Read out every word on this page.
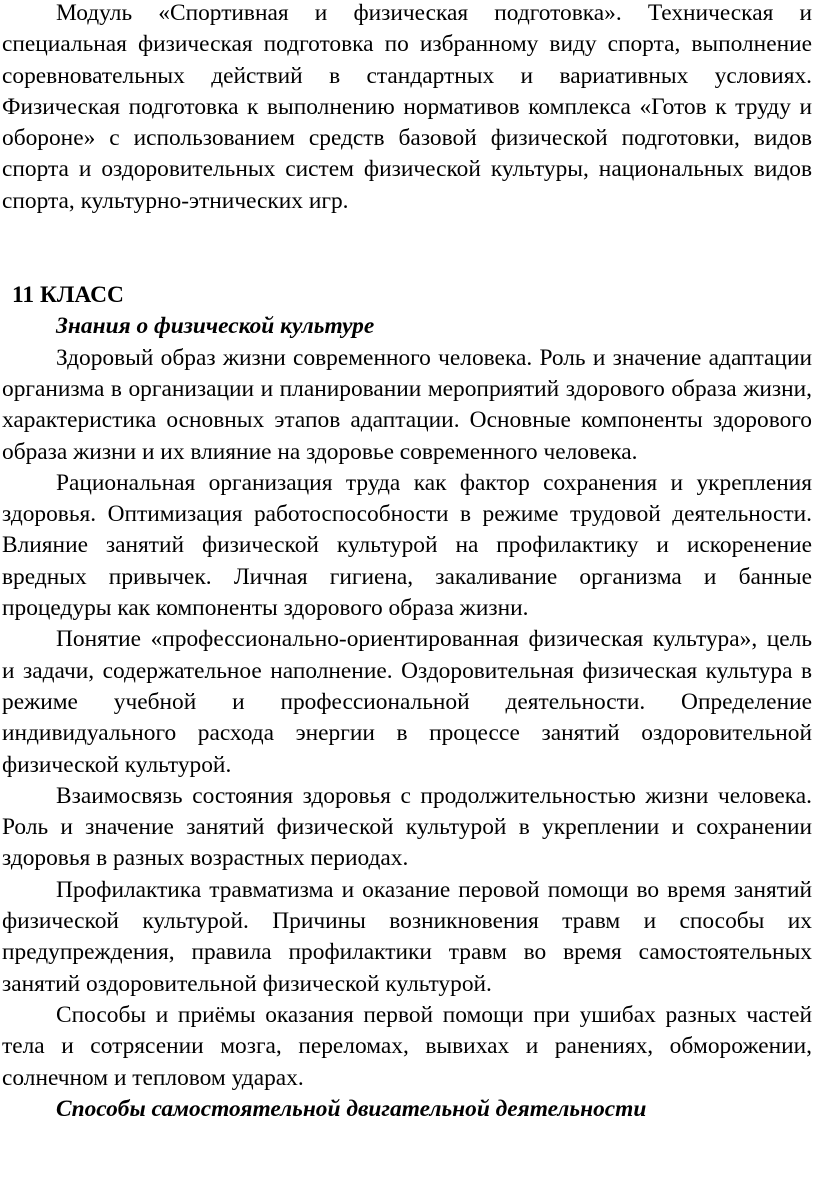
Модуль «Спортивная и физическая подготовка». Техническая и специальная физическая подготовка по избранному виду спорта, выполнение соревновательных действий в стандартных и вариативных условиях. Физическая подготовка к выполнению нормативов комплекса «Готов к труду и обороне» с использованием средств базовой физической подготовки, видов спорта и оздоровительных систем физической культуры, национальных видов спорта, культурно-этнических игр.

11 КЛАСС
Знания о физической культуре

Здоровый образ жизни современного человека. Роль и значение адаптации организма в организации и планировании мероприятий здорового образа жизни, характеристика основных этапов адаптации. Основные компоненты здорового образа жизни и их влияние на здоровье современного человека.

Рациональная организация труда как фактор сохранения и укрепления здоровья. Оптимизация работоспособности в режиме трудовой деятельности. Влияние занятий физической культурой на профилактику и искоренение вредных привычек. Личная гигиена, закаливание организма и банные процедуры как компоненты здорового образа жизни.

Понятие «профессионально-ориентированная физическая культура», цель и задачи, содержательное наполнение. Оздоровительная физическая культура в режиме учебной и профессиональной деятельности. Определение индивидуального расхода энергии в процессе занятий оздоровительной физической культурой.

Взаимосвязь состояния здоровья с продолжительностью жизни человека. Роль и значение занятий физической культурой в укреплении и сохранении здоровья в разных возрастных периодах.

Профилактика травматизма и оказание перовой помощи во время занятий физической культурой. Причины возникновения травм и способы их предупреждения, правила профилактики травм во время самостоятельных занятий оздоровительной физической культурой.

Способы и приёмы оказания первой помощи при ушибах разных частей тела и сотрясении мозга, переломах, вывихах и ранениях, обморожении, солнечном и тепловом ударах.

Способы самостоятельной двигательной деятельности
